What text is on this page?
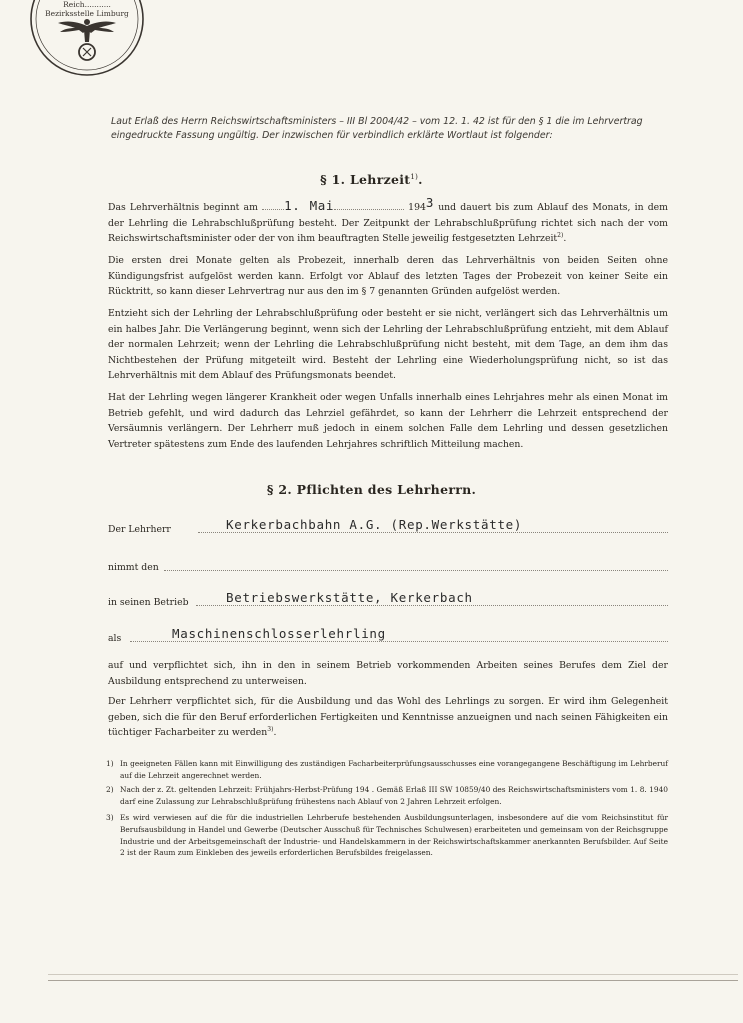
Reich...........
Bezirksstelle Limburg
Laut Erlaß des Herrn Reichswirtschaftsministers – III Bl 2004/42 – vom 12. 1. 42 ist für den § 1 die im Lehrvertrag eingedruckte Fassung ungültig. Der inzwischen für verbindlich erklärte Wortlaut ist folgender:
§ 1. Lehrzeit$^{1)}$.

Das Lehrverhältnis beginnt am 1. Mai	1943 und dauert bis zum Ablauf des Monats, in dem der Lehrling die Lehrabschlußprüfung besteht. Der Zeitpunkt der Lehrabschlußprüfung richtet sich nach der vom Reichswirtschaftsminister oder der von ihm beauftragten Stelle jeweilig festgesetzten Lehrzeit$^{2)}$.

Die ersten drei Monate gelten als Probezeit, innerhalb deren das Lehrverhältnis von beiden Seiten ohne Kündigungsfrist aufgelöst werden kann. Erfolgt vor Ablauf des letzten Tages der Probezeit von keiner Seite ein Rücktritt, so kann dieser Lehrvertrag nur aus den im § 7 genannten Gründen aufgelöst werden.

Entzieht sich der Lehrling der Lehrabschlußprüfung oder besteht er sie nicht, verlängert sich das Lehrverhältnis um ein halbes Jahr. Die Verlängerung beginnt, wenn sich der Lehrling der Lehrabschlußprüfung entzieht, mit dem Ablauf der normalen Lehrzeit; wenn der Lehrling die Lehrabschlußprüfung nicht besteht, mit dem Tage, an dem ihm das Nichtbestehen der Prüfung mitgeteilt wird. Besteht der Lehrling eine Wiederholungsprüfung nicht, so ist das Lehrverhältnis mit dem Ablauf des Prüfungsmonats beendet.

Hat der Lehrling wegen längerer Krankheit oder wegen Unfalls innerhalb eines Lehrjahres mehr als einen Monat im Betrieb gefehlt, und wird dadurch das Lehrziel gefährdet, so kann der Lehrherr die Lehrzeit entsprechend der Versäumnis verlängern. Der Lehrherr muß jedoch in einem solchen Falle dem Lehrling und dessen gesetzlichen Vertreter spätestens zum Ende des laufenden Lehrjahres schriftlich Mitteilung machen.

§ 2. Pflichten des Lehrherrn.
Der Lehrherr	Kerkerbachbahn A.G. (Rep.Werkstätte)
nimmt den
in seinen Betrieb	Betriebswerkstätte, Kerkerbach
als	Maschinenschlosserlehrling

auf und verpflichtet sich, ihn in den in seinem Betrieb vorkommenden Arbeiten seines Berufes dem Ziel der Ausbildung entsprechend zu unterweisen.

Der Lehrherr verpflichtet sich, für die Ausbildung und das Wohl des Lehrlings zu sorgen. Er wird ihm Gelegenheit geben, sich die für den Beruf erforderlichen Fertigkeiten und Kenntnisse anzueignen und nach seinen Fähigkeiten ein tüchtiger Facharbeiter zu werden$^{3)}$.

1) In geeigneten Fällen kann mit Einwilligung des zuständigen Facharbeiterprüfungsausschusses eine vorangegangene Beschäftigung im Lehrberuf auf die Lehrzeit angerechnet werden.

2) Nach der z. Zt. geltenden Lehrzeit: Frühjahrs-Herbst-Prüfung 194 . Gemäß Erlaß III SW 10859/40 des Reichswirtschaftsministers vom 1. 8. 1940 darf eine Zulassung zur Lehrabschlußprüfung frühestens nach Ablauf von 2 Jahren Lehrzeit erfolgen.

3) Es wird verwiesen auf die für die industriellen Lehrberufe bestehenden Ausbildungsunterlagen, insbesondere auf die vom Reichsinstitut für Berufsausbildung in Handel und Gewerbe (Deutscher Ausschuß für Technisches Schulwesen) erarbeiteten und gemeinsam von der Reichsgruppe Industrie und der Arbeitsgemeinschaft der Industrie- und Handelskammern in der Reichswirtschaftskammer anerkannten Berufsbilder. Auf Seite 2 ist der Raum zum Einkleben des jeweils erforderlichen Berufsbildes freigelassen.
